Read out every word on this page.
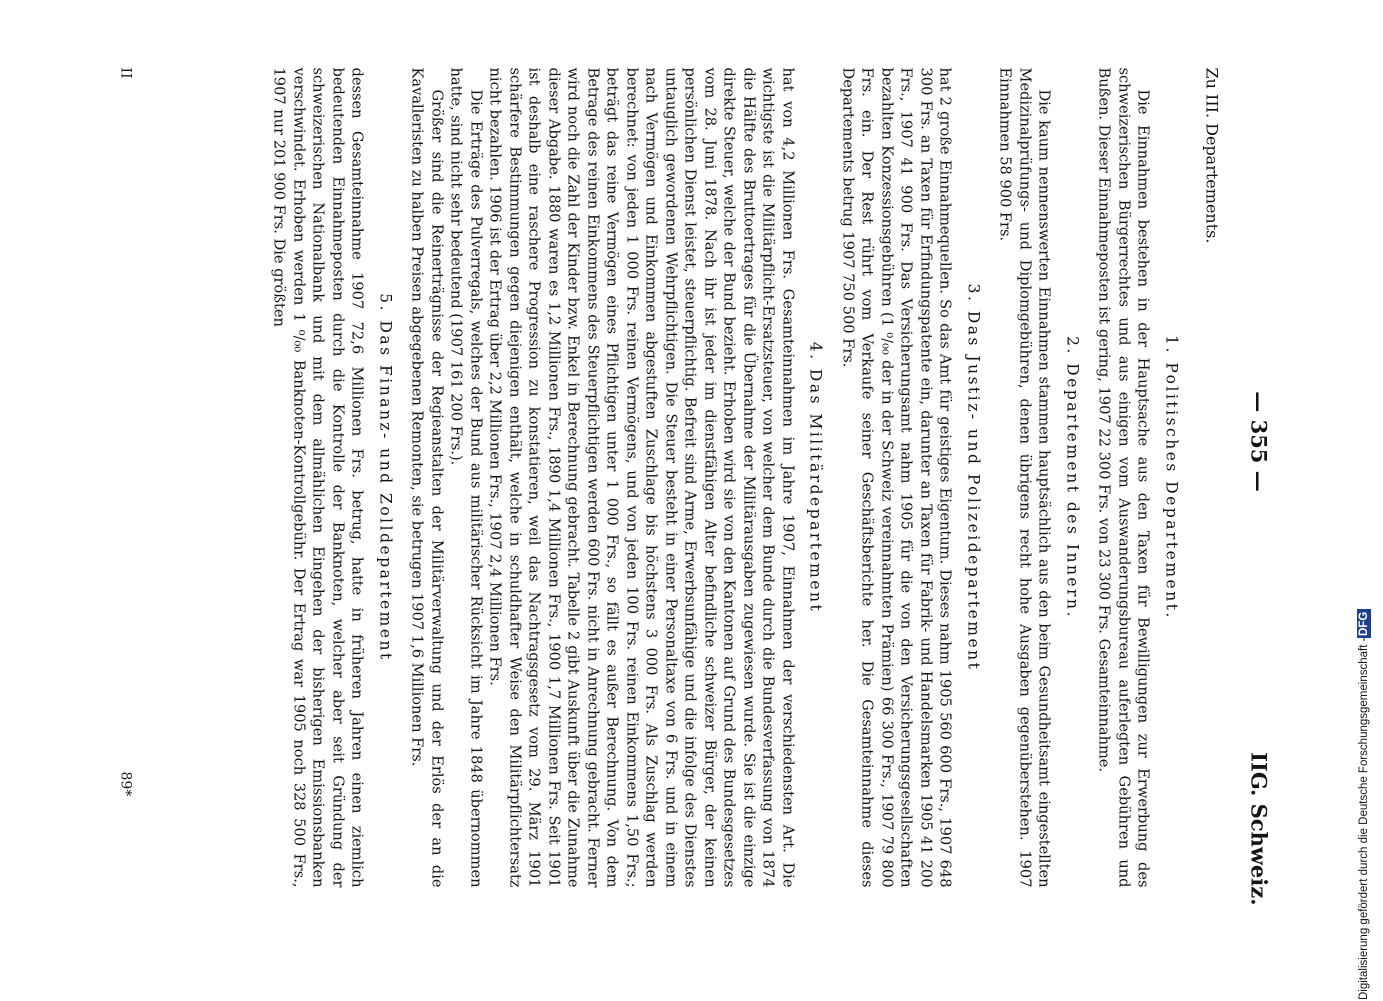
— 355 —
IIG. Schweiz.
Zu III. Departements.
1. Politisches Departement.

Die Einnahmen bestehen in der Hauptsache aus den Taxen für Bewilligungen zur Erwerbung des schweizerischen Bürgerrechtes und aus einigen vom Auswanderungsbureau auferlegten Gebühren und Bußen. Dieser Einnahmeposten ist gering, 1907 22 300 Frs. von 23 300 Frs. Gesamteinnahme.

2. Departement des Innern.

Die kaum nennenswerten Einnahmen stammen hauptsächlich aus den beim Gesundheitsamt eingestellten Medizinalprüfungs- und Diplomgebühren, denen übrigens recht hohe Ausgaben gegenüberstehen. 1907 Einnahmen 58 900 Frs.

3. Das Justiz- und Polizeidepartement

hat 2 große Einnahmequellen. So das Amt für geistiges Eigentum. Dieses nahm 1905 560 600 Frs., 1907 648 300 Frs. an Taxen für Erfindungspatente ein, darunter an Taxen für Fabrik- und Handelsmarken 1905 41 200 Frs., 1907 41 900 Frs. Das Versicherungsamt nahm 1905 für die von den Versicherungsgesellschaften bezahlten Konzessionsgebühren (1 ⁰/₀₀ der in der Schweiz vereinnahmten Prämien) 66 300 Frs., 1907 79 800 Frs. ein. Der Rest rührt vom Verkaufe seiner Geschäftsberichte her. Die Gesamteinnahme dieses Departements betrug 1907 750 500 Frs.

4. Das Militärdepartement

hat von 4,2 Millionen Frs. Gesamteinnahmen im Jahre 1907, Einnahmen der verschiedensten Art. Die wichtigste ist die Militärpflicht-Ersatzsteuer, von welcher dem Bunde durch die Bundesverfassung von 1874 die Hälfte des Bruttoertrages für die Übernahme der Militärausgaben zugewiesen wurde. Sie ist die einzige direkte Steuer, welche der Bund bezieht. Erhoben wird sie von den Kantonen auf Grund des Bundesgesetzes vom 28. Juni 1878. Nach ihr ist jeder im dienstfähigen Alter befindliche schweizer Bürger, der keinen persönlichen Dienst leistet, steuerpflichtig. Befreit sind Arme, Erwerbsunfähige und die infolge des Dienstes untauglich gewordenen Wehrpflichtigen. Die Steuer besteht in einer Personaltaxe von 6 Frs. und in einem nach Vermögen und Einkommen abgestuften Zuschlage bis höchstens 3 000 Frs. Als Zuschlag werden berechnet: von jeden 1 000 Frs. reinen Vermögens, und von jeden 100 Frs. reinen Einkommens 1,50 Frs.; beträgt das reine Vermögen eines Pflichtigen unter 1 000 Frs., so fällt es außer Berechnung. Von dem Betrage des reinen Einkommens des Steuerpflichtigen werden 600 Frs. nicht in Anrechnung gebracht. Ferner wird noch die Zahl der Kinder bzw. Enkel in Berechnung gebracht. Tabelle 2 gibt Auskunft über die Zunahme dieser Abgabe. 1880 waren es 1,2 Millionen Frs., 1890 1,4 Millionen Frs., 1900 1,7 Millionen Frs. Seit 1901 ist deshalb eine raschere Progression zu konstatieren, weil das Nachtragsgesetz vom 29. März 1901 schärfere Bestimmungen gegen diejenigen enthält, welche in schuldhafter Weise den Militärpflichtersatz nicht bezahlen. 1906 ist der Ertrag über 2,2 Millionen Frs., 1907 2,4 Millionen Frs.

Die Erträge des Pulverregals, welches der Bund aus militärischer Rücksicht im Jahre 1848 übernommen hatte, sind nicht sehr bedeutend (1907 161 200 Frs.).

Größer sind die Reinerträgnisse der Regieanstalten der Militärverwaltung und der Erlös der an die Kavalleristen zu halben Preisen abgegebenen Remonten, sie betrugen 1907 1,6 Millionen Frs.

5. Das Finanz- und Zolldepartement

dessen Gesamteinnahme 1907 72,6 Millionen Frs. betrug, hatte in früheren Jahren einen ziemlich bedeutenden Einnahmeposten durch die Kontrolle der Banknoten, welcher aber seit Gründung der schweizerischen Nationalbank und mit dem allmählichen Eingehen der bisherigen Emissionsbanken verschwindet. Erhoben werden 1 ⁰/₀₀ Banknoten-Kontrollgebühr. Der Ertrag war 1905 noch 328 500 Frs., 1907 nur 201 900 Frs. Die größten

II
89*	Digitalisierung gefördert durch die Deutsche Forschungsgemeinschaft -
DFG
